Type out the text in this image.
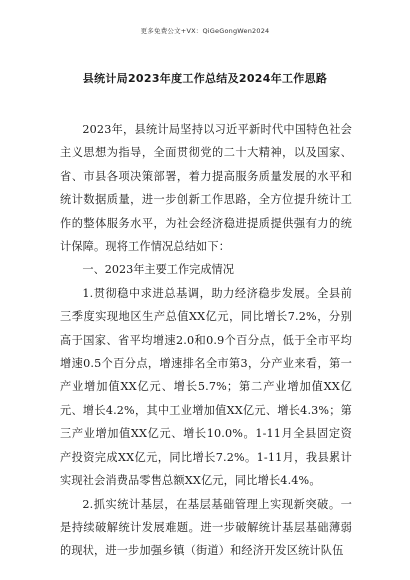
更多免费公文+VX：QiGeGongWen2024
县统计局2023年度工作总结及2024年工作思路

2023年，县统计局坚持以习近平新时代中国特色社会主义思想为指导，全面贯彻党的二十大精神，以及国家、省、市县各项决策部署，着力提高服务质量发展的水平和统计数据质量，进一步创新工作思路，全方位提升统计工作的整体服务水平，为社会经济稳进提质提供强有力的统计保障。现将工作情况总结如下：

一、2023年主要工作完成情况

1.贯彻稳中求进总基调，助力经济稳步发展。全县前三季度实现地区生产总值XX亿元，同比增长7.2%，分别高于国家、省平均增速2.0和0.9个百分点，低于全市平均增速0.5个百分点，增速排名全市第3，分产业来看，第一产业增加值XX亿元、增长5.7%；第二产业增加值XX亿元、增长4.2%，其中工业增加值XX亿元、增长4.3%；第三产业增加值XX亿元、增长10.0%。1-11月全县固定资产投资完成XX亿元，同比增长7.2%。1-11月，我县累计实现社会消费品零售总额XX亿元，同比增长4.4%。

2.抓实统计基层，在基层基础管理上实现新突破。一是持续破解统计发展难题。进一步破解统计基层基础薄弱的现状，进一步加强乡镇（街道）和经济开发区统计队伍
